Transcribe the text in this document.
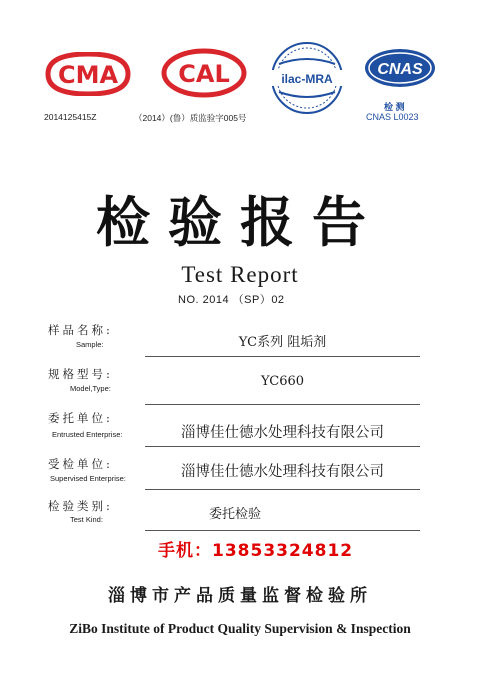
CMA	CAL	ilac-MRA
CNAS
检 测
CNAS L0023
2014125415Z	（2014）(鲁）质监验字005号
检验报告
Test Report
NO. 2014 （SP）02
样品名称:
Sample:	YC系列 阻垢剂
规格型号:
Model,Type:	YC660
委托单位:
Entrusted Enterprise:	淄博佳仕德水处理科技有限公司
受检单位:
Supervised Enterprise:	淄博佳仕德水处理科技有限公司
检验类别:
Test Kind:	委托检验
手机：13853324812
淄博市产品质量监督检验所
ZiBo Institute of Product Quality Supervision & Inspection
